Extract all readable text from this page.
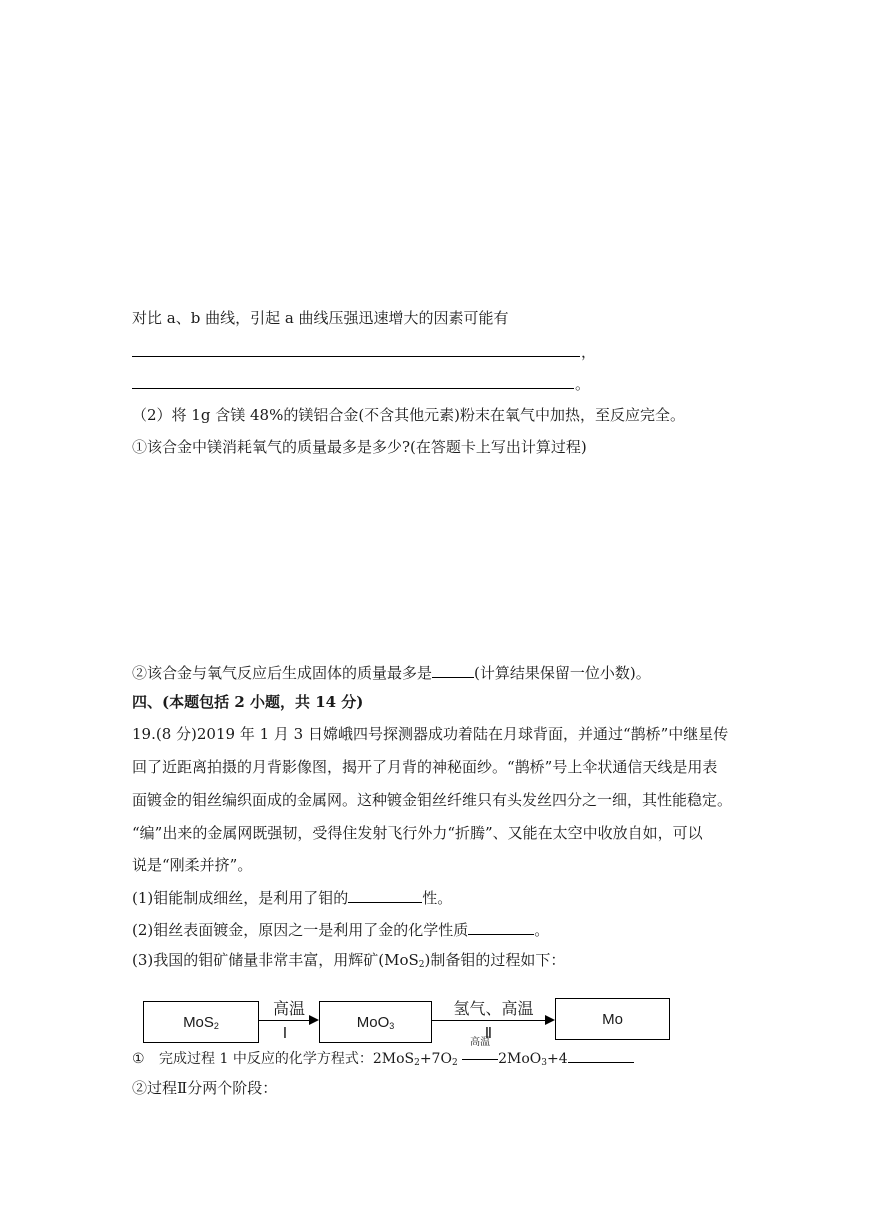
对比 a、b 曲线，引起 a 曲线压强迅速增大的因素可能有
，
。
（2）将 1g 含镁 48%的镁铝合金(不含其他元素)粉末在氧气中加热，至反应完全。
①该合金中镁消耗氧气的质量最多是多少?(在答题卡上写出计算过程)
②该合金与氧气反应后生成固体的质量最多是	(计算结果保留一位小数)。
四、(本题包括 2 小题，共 14 分)
19.(8 分)2019 年 1 月 3 日嫦峨四号探测器成功着陆在月球背面，并通过“鹊桥”中继星传
回了近距离拍摄的月背影像图，揭开了月背的神秘面纱。“鹊桥”号上伞状通信天线是用表
面镀金的钼丝编织面成的金属网。这种镀金钼丝纤维只有头发丝四分之一细，其性能稳定。
“编”出来的金属网既强韧，受得住发射飞行外力“折腾”、又能在太空中收放自如，可以
说是“刚柔并挤”。
(1)钼能制成细丝，是利用了钼的	性。
(2)钼丝表面镀金，原因之一是利用了金的化学性质	。
(3)我国的钼矿储量非常丰富，用辉矿(MoS$_2$)制备钼的过程如下：
MoS$_2$	MoO$_3$	Mo
高温
I
氢气、高温
Ⅱ
① 完成过程 1 中反应的化学方程式：$2MoS_2+7O_2$
高温
2MoO$_3$+4
②过程Ⅱ分两个阶段：
